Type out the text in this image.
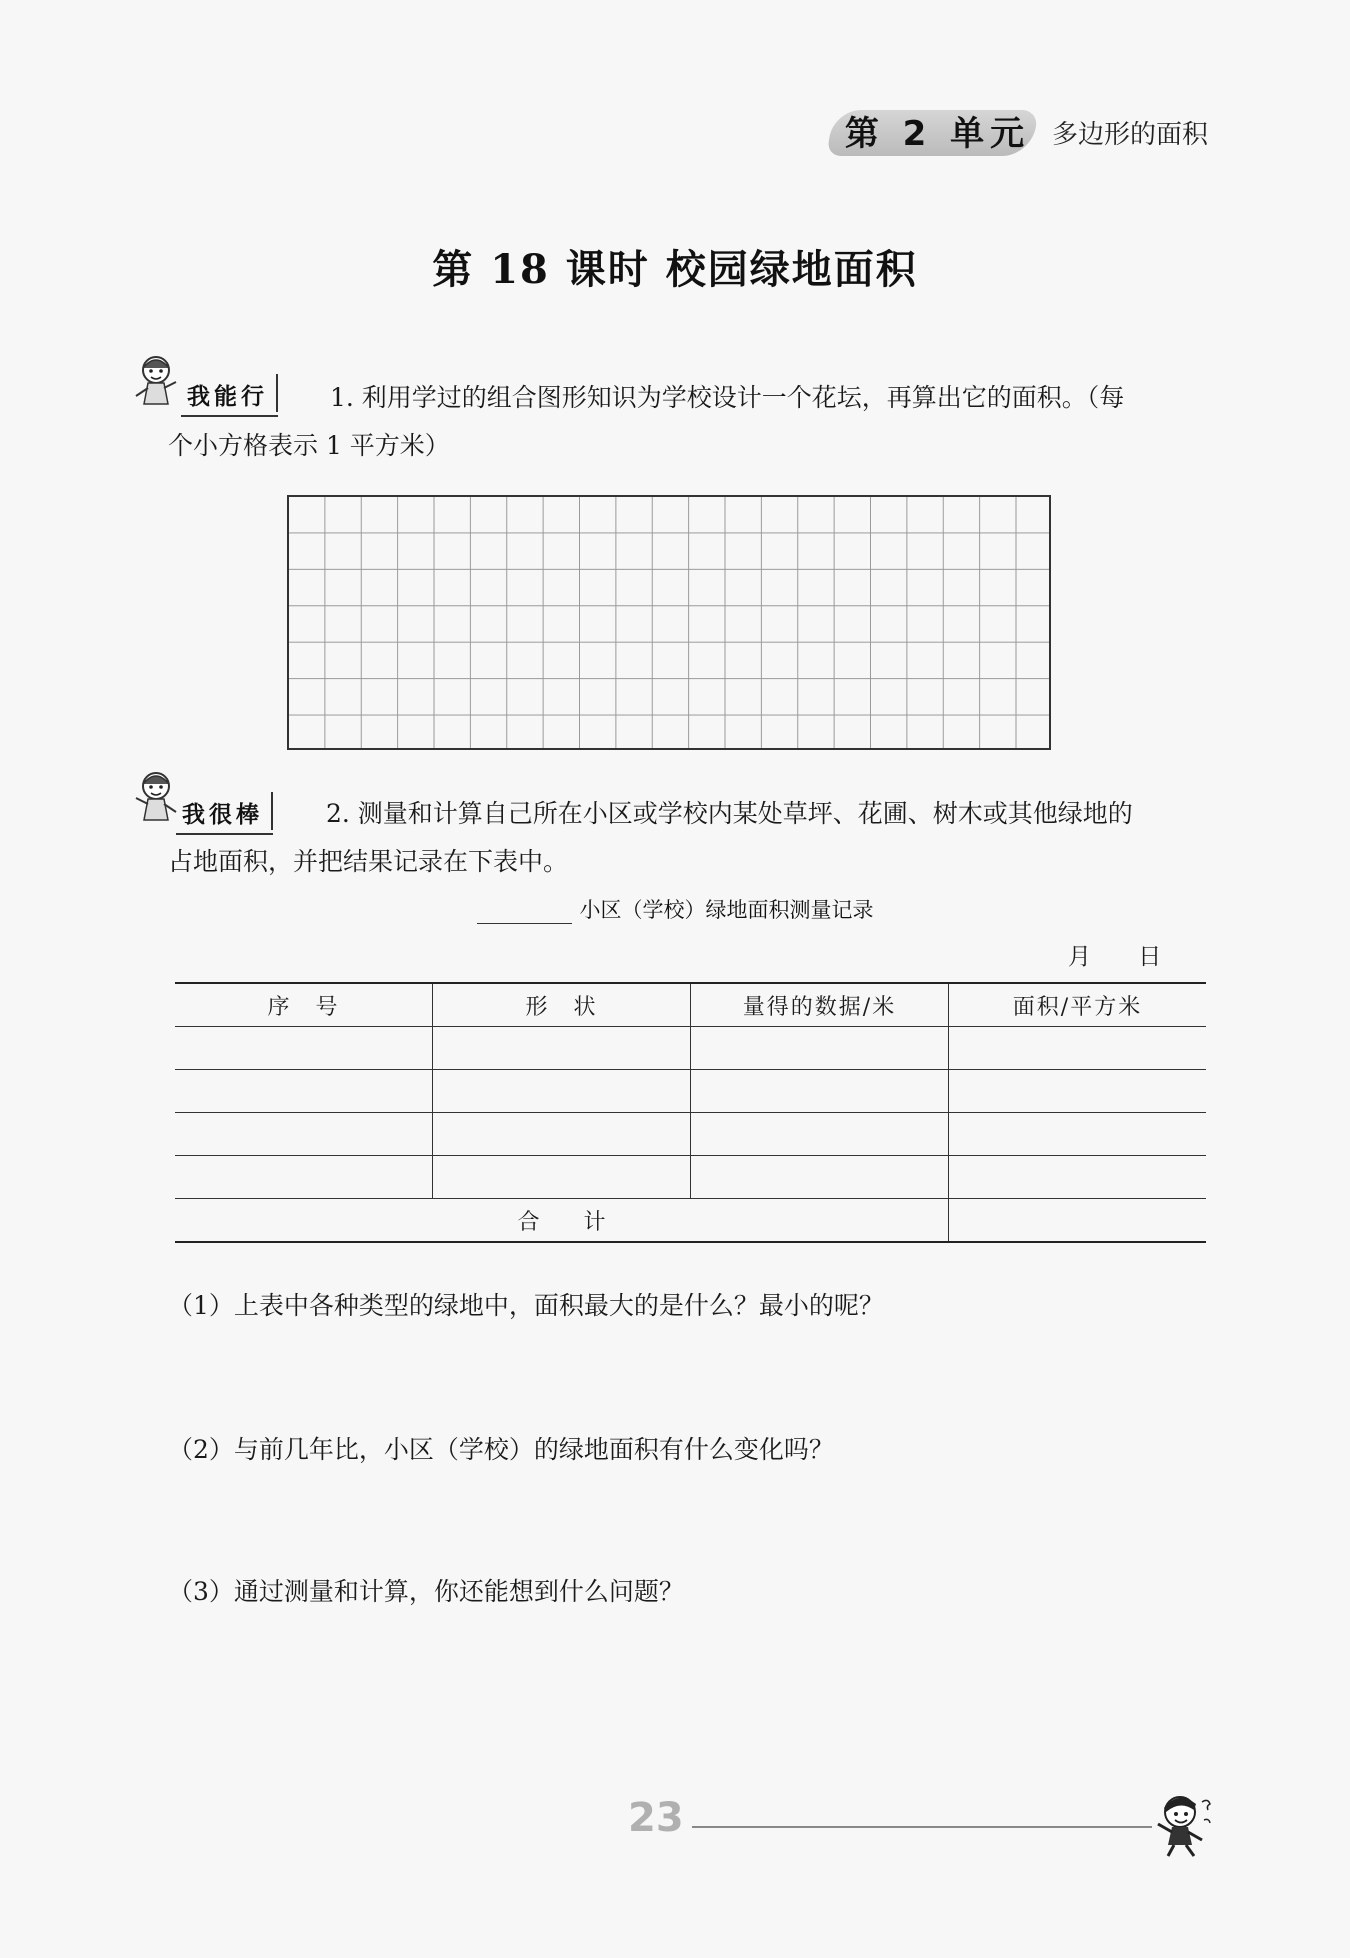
第 2 单元 多边形的面积
第 18 课时 校园绿地面积
我能行	1. 利用学过的组合图形知识为学校设计一个花坛，再算出它的面积。（每
个小方格表示 1 平方米）
我很棒	2. 测量和计算自己所在小区或学校内某处草坪、花圃、树木或其他绿地的
占地面积，并把结果记录在下表中。
小区（学校）绿地面积测量记录
月 日
序　号	形　状	量得的数据/米	面积/平方米

合　　计			
（1）上表中各种类型的绿地中，面积最大的是什么？最小的呢？
（2）与前几年比，小区（学校）的绿地面积有什么变化吗？
（3）通过测量和计算，你还能想到什么问题？
23
